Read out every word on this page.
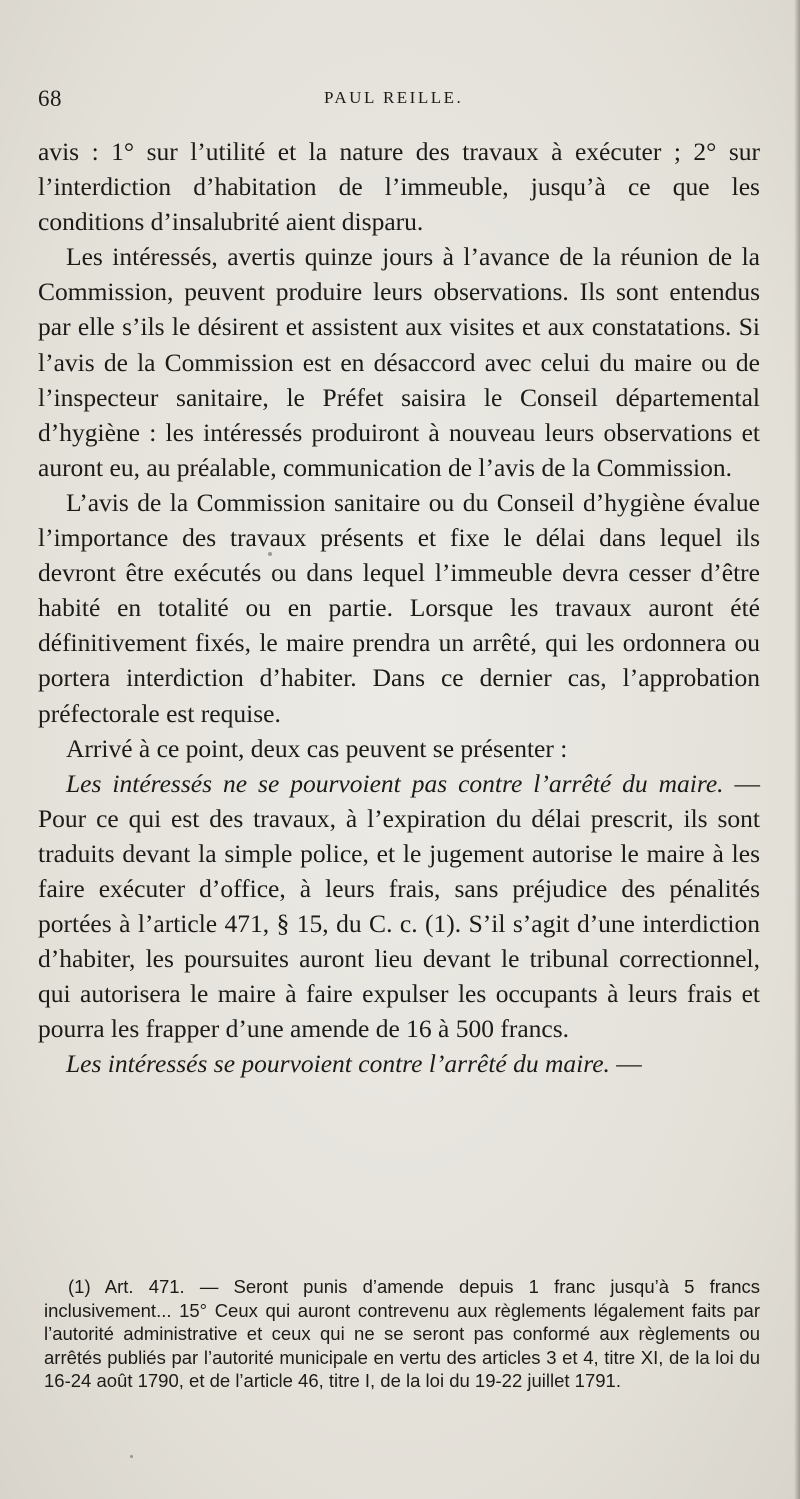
68	PAUL REILLE.

avis : 1° sur l’utilité et la nature des travaux à exécuter ; 2° sur l’interdiction d’habitation de l’immeuble, jusqu’à ce que les conditions d’insalubrité aient disparu.

Les intéressés, avertis quinze jours à l’avance de la réunion de la Commission, peuvent produire leurs observations. Ils sont entendus par elle s’ils le désirent et assistent aux visites et aux constatations. Si l’avis de la Commission est en désaccord avec celui du maire ou de l’inspecteur sanitaire, le Préfet saisira le Conseil départemental d’hygiène : les intéressés produiront à nouveau leurs observations et auront eu, au préalable, communication de l’avis de la Commission.

L’avis de la Commission sanitaire ou du Conseil d’hygiène évalue l’importance des travaux présents et fixe le délai dans lequel ils devront être exécutés ou dans lequel l’immeuble devra cesser d’être habité en totalité ou en partie. Lorsque les travaux auront été définitivement fixés, le maire prendra un arrêté, qui les ordonnera ou portera interdiction d’habiter. Dans ce dernier cas, l’approbation préfectorale est requise.

Arrivé à ce point, deux cas peuvent se présenter :

Les intéressés ne se pourvoient pas contre l’arrêté du maire. — Pour ce qui est des travaux, à l’expiration du délai prescrit, ils sont traduits devant la simple police, et le jugement autorise le maire à les faire exécuter d’office, à leurs frais, sans préjudice des pénalités portées à l’article 471, § 15, du C. c. (1). S’il s’agit d’une interdiction d’habiter, les poursuites auront lieu devant le tribunal correctionnel, qui autorisera le maire à faire expulser les occupants à leurs frais et pourra les frapper d’une amende de 16 à 500 francs.

Les intéressés se pourvoient contre l’arrêté du maire. —

(1) Art. 471. — Seront punis d’amende depuis 1 franc jusqu’à 5 francs inclusivement... 15° Ceux qui auront contrevenu aux règlements légalement faits par l’autorité administrative et ceux qui ne se seront pas conformé aux règlements ou arrêtés publiés par l’autorité municipale en vertu des articles 3 et 4, titre XI, de la loi du 16-24 août 1790, et de l’article 46, titre I, de la loi du 19-22 juillet 1791.
